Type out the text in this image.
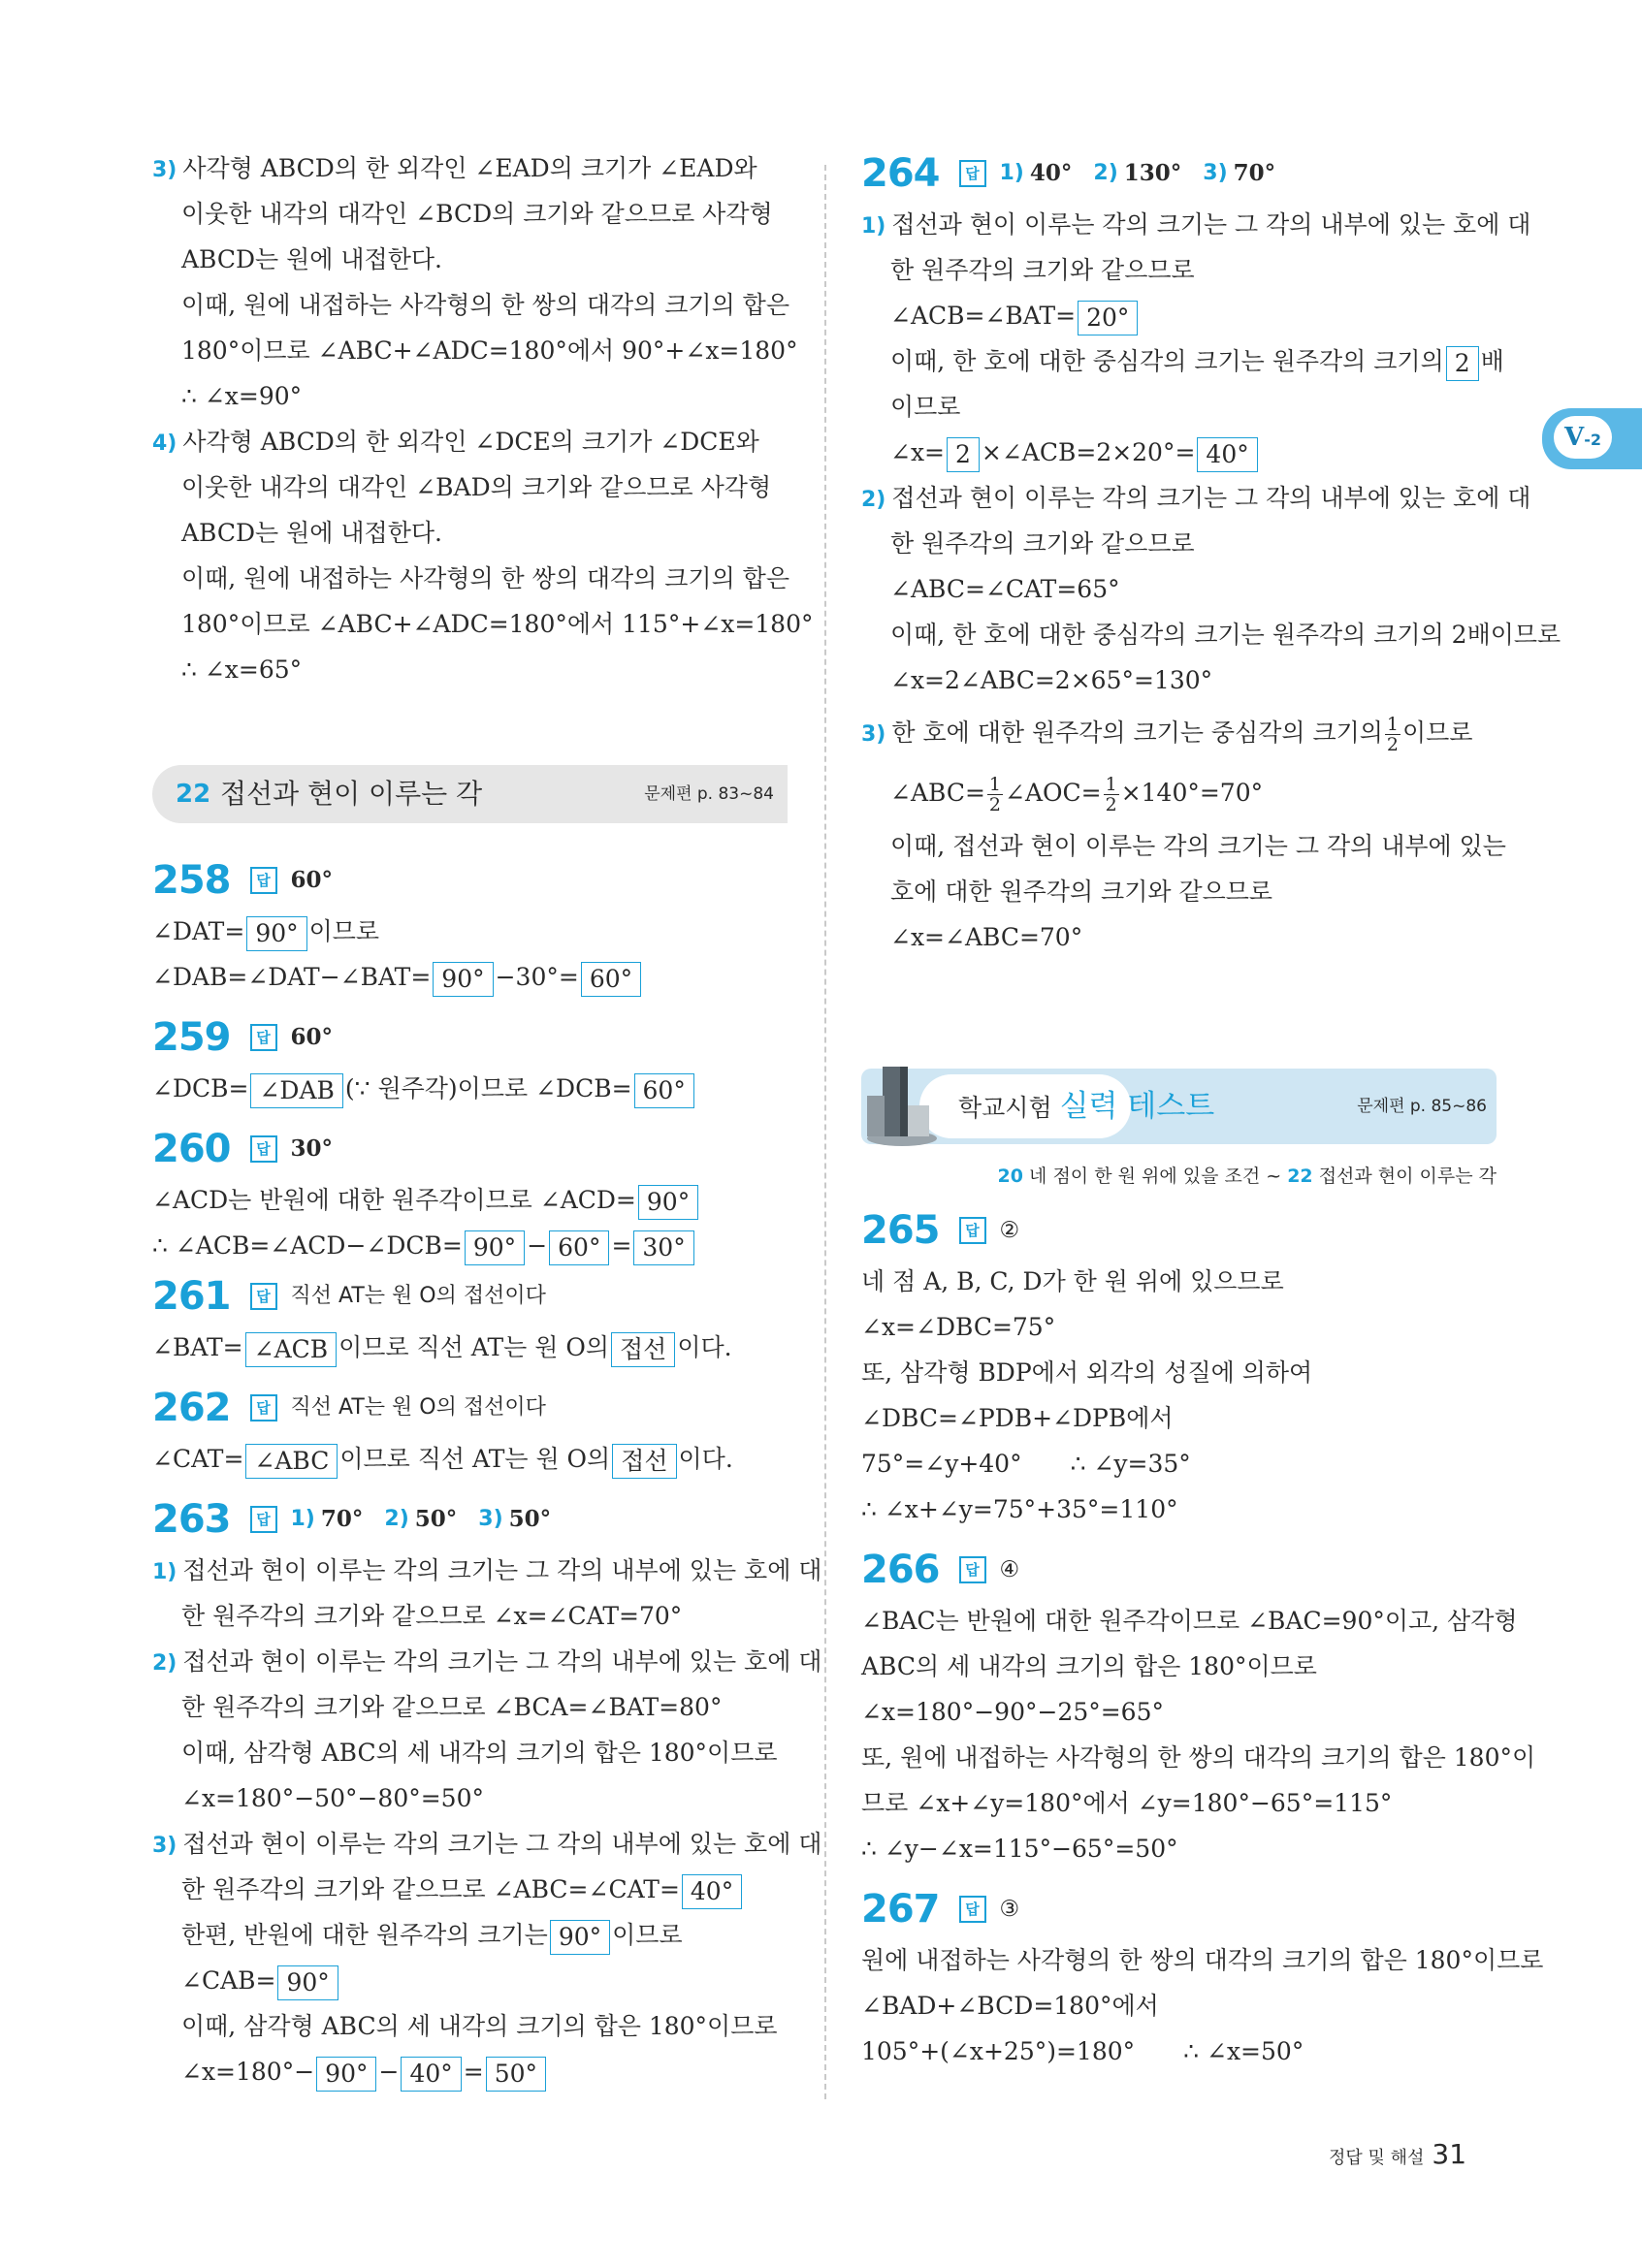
V-2
3) 사각형 ABCD의 한 외각인 ∠EAD의 크기가 ∠EAD와
이웃한 내각의 대각인 ∠BCD의 크기와 같으므로 사각형
ABCD는 원에 내접한다.
이때, 원에 내접하는 사각형의 한 쌍의 대각의 크기의 합은
180°이므로 ∠ABC+∠ADC=180°에서 90°+∠x=180°
∴ ∠x=90°
4) 사각형 ABCD의 한 외각인 ∠DCE의 크기가 ∠DCE와
이웃한 내각의 대각인 ∠BAD의 크기와 같으므로 사각형
ABCD는 원에 내접한다.
이때, 원에 내접하는 사각형의 한 쌍의 대각의 크기의 합은
180°이므로 ∠ABC+∠ADC=180°에서 115°+∠x=180°
∴ ∠x=65°
22 접선과 현이 이루는 각	문제편 p. 83~84
258	답 60°
∠DAT= 90° 이므로
∠DAB=∠DAT−∠BAT= 90° −30°= 60°
259	답 60°
∠DCB= ∠DAB (∵ 원주각)이므로 ∠DCB= 60°
260	답 30°
∠ACD는 반원에 대한 원주각이므로 ∠ACD= 90°
∴ ∠ACB=∠ACD−∠DCB= 90° − 60° = 30°
261	답 직선 AT는 원 O의 접선이다
∠BAT= ∠ACB 이므로 직선 AT는 원 O의 접선 이다.
262	답 직선 AT는 원 O의 접선이다
∠CAT= ∠ABC 이므로 직선 AT는 원 O의 접선 이다.
263	답 1) 70° 2) 50° 3) 50°
1) 접선과 현이 이루는 각의 크기는 그 각의 내부에 있는 호에 대
한 원주각의 크기와 같으므로 ∠x=∠CAT=70°
2) 접선과 현이 이루는 각의 크기는 그 각의 내부에 있는 호에 대
한 원주각의 크기와 같으므로 ∠BCA=∠BAT=80°
이때, 삼각형 ABC의 세 내각의 크기의 합은 180°이므로
∠x=180°−50°−80°=50°
3) 접선과 현이 이루는 각의 크기는 그 각의 내부에 있는 호에 대
한 원주각의 크기와 같으므로 ∠ABC=∠CAT= 40°
한편, 반원에 대한 원주각의 크기는 90° 이므로
∠CAB= 90°
이때, 삼각형 ABC의 세 내각의 크기의 합은 180°이므로
∠x=180°− 90° − 40° = 50°
264	답 1) 40° 2) 130° 3) 70°
1) 접선과 현이 이루는 각의 크기는 그 각의 내부에 있는 호에 대
한 원주각의 크기와 같으므로
∠ACB=∠BAT= 20°
이때, 한 호에 대한 중심각의 크기는 원주각의 크기의 2 배
이므로
∠x= 2 ×∠ACB=2×20°= 40°
2) 접선과 현이 이루는 각의 크기는 그 각의 내부에 있는 호에 대
한 원주각의 크기와 같으므로
∠ABC=∠CAT=65°
이때, 한 호에 대한 중심각의 크기는 원주각의 크기의 2배이므로
∠x=2∠ABC=2×65°=130°
3) 한 호에 대한 원주각의 크기는 중심각의 크기의 $\frac{1}{2}$ 이므로
∠ABC= $\frac{1}{2}$ ∠AOC= $\frac{1}{2} \times 140^\circ=70^\circ$
이때, 접선과 현이 이루는 각의 크기는 그 각의 내부에 있는
호에 대한 원주각의 크기와 같으므로
∠x=∠ABC=70°
학교시험 실력 테스트	문제편 p. 85~86
20 네 점이 한 원 위에 있을 조건 ~ 22 접선과 현이 이루는 각
265	답 ②
네 점 A, B, C, D가 한 원 위에 있으므로
∠x=∠DBC=75°
또, 삼각형 BDP에서 외각의 성질에 의하여
∠DBC=∠PDB+∠DPB에서
75°=∠y+40° ∴ ∠y=35°
∴ ∠x+∠y=75°+35°=110°
266	답 ④
∠BAC는 반원에 대한 원주각이므로 ∠BAC=90°이고, 삼각형
ABC의 세 내각의 크기의 합은 180°이므로
∠x=180°−90°−25°=65°
또, 원에 내접하는 사각형의 한 쌍의 대각의 크기의 합은 180°이
므로 ∠x+∠y=180°에서 ∠y=180°−65°=115°
∴ ∠y−∠x=115°−65°=50°
267	답 ③
원에 내접하는 사각형의 한 쌍의 대각의 크기의 합은 180°이므로
∠BAD+∠BCD=180°에서
105°+(∠x+25°)=180° ∴ ∠x=50°
정답 및 해설 31
